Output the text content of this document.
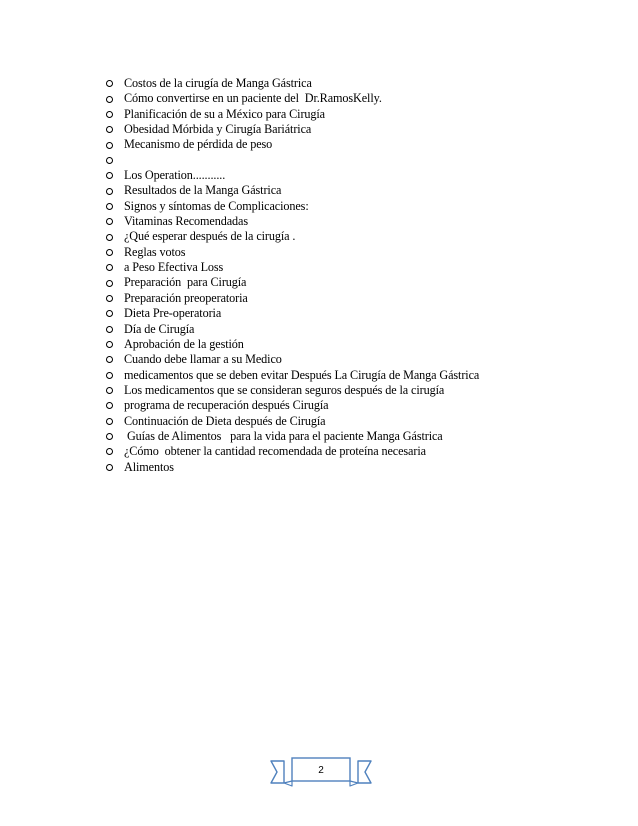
Costos de la cirugía de Manga Gástrica
Cómo convertirse en un paciente del  Dr.RamosKelly.
Planificación de su a México para Cirugía
Obesidad Mórbida y Cirugía Bariátrica
Mecanismo de pérdida de peso
Los Operation...........
Resultados de la Manga Gástrica
Signos y síntomas de Complicaciones:
Vitaminas Recomendadas
¿Qué esperar después de la cirugía .
Reglas votos
a Peso Efectiva Loss
Preparación  para Cirugía
Preparación preoperatoria
Dieta Pre-operatoria
Día de Cirugía
Aprobación de la gestión
Cuando debe llamar a su Medico
medicamentos que se deben evitar Después La Cirugía de Manga Gástrica
Los medicamentos que se consideran seguros después de la cirugía
programa de recuperación después Cirugía
Continuación de Dieta después de Cirugía
Guías de Alimentos   para la vida para el paciente Manga Gástrica
¿Cómo  obtener la cantidad recomendada de proteína necesaria
Alimentos
2
